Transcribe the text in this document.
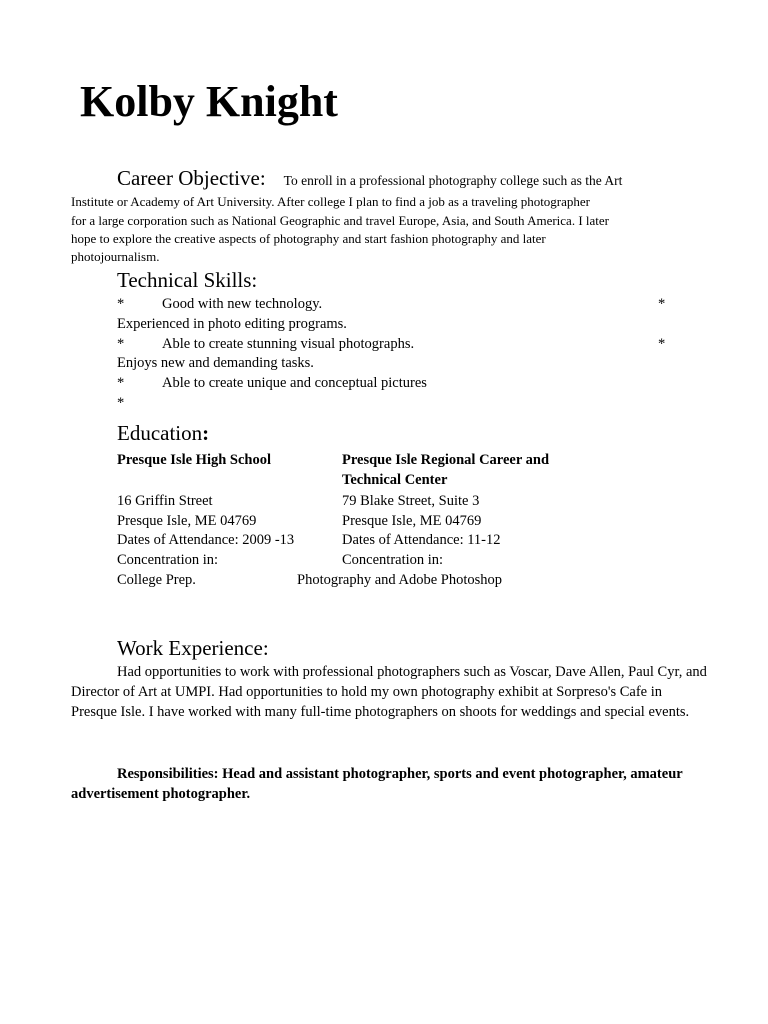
Kolby Knight
Career Objective: To enroll in a professional photography college such as the Art
Institute or Academy of Art University. After college I plan to find a job as a traveling photographer
for a large corporation such as National Geographic and travel Europe, Asia, and South America. I later
hope to explore the creative aspects of photography and start fashion photography and later
photojournalism.
Technical Skills:
*	Good with new technology.	*
Experienced in photo editing programs.
*	Able to create stunning visual photographs.	*
Enjoys new and demanding tasks.
*	Able to create unique and conceptual pictures
*
Education:
Presque Isle High School	Presque Isle Regional Career and
Technical Center
16 Griffin Street	79 Blake Street, Suite 3
Presque Isle, ME 04769	Presque Isle, ME 04769
Dates of Attendance: 2009 -13	Dates of Attendance: 11-12
Concentration in:	Concentration in:
College Prep.	Photography and Adobe Photoshop
Work Experience:
Had opportunities to work with professional photographers such as Voscar, Dave Allen, Paul Cyr, and Director of Art at UMPI. Had opportunities to hold my own photography exhibit at Sorpreso's Cafe in Presque Isle. I have worked with many full-time photographers on shoots for weddings and special events.
Responsibilities: Head and assistant photographer, sports and event photographer, amateur advertisement photographer.
